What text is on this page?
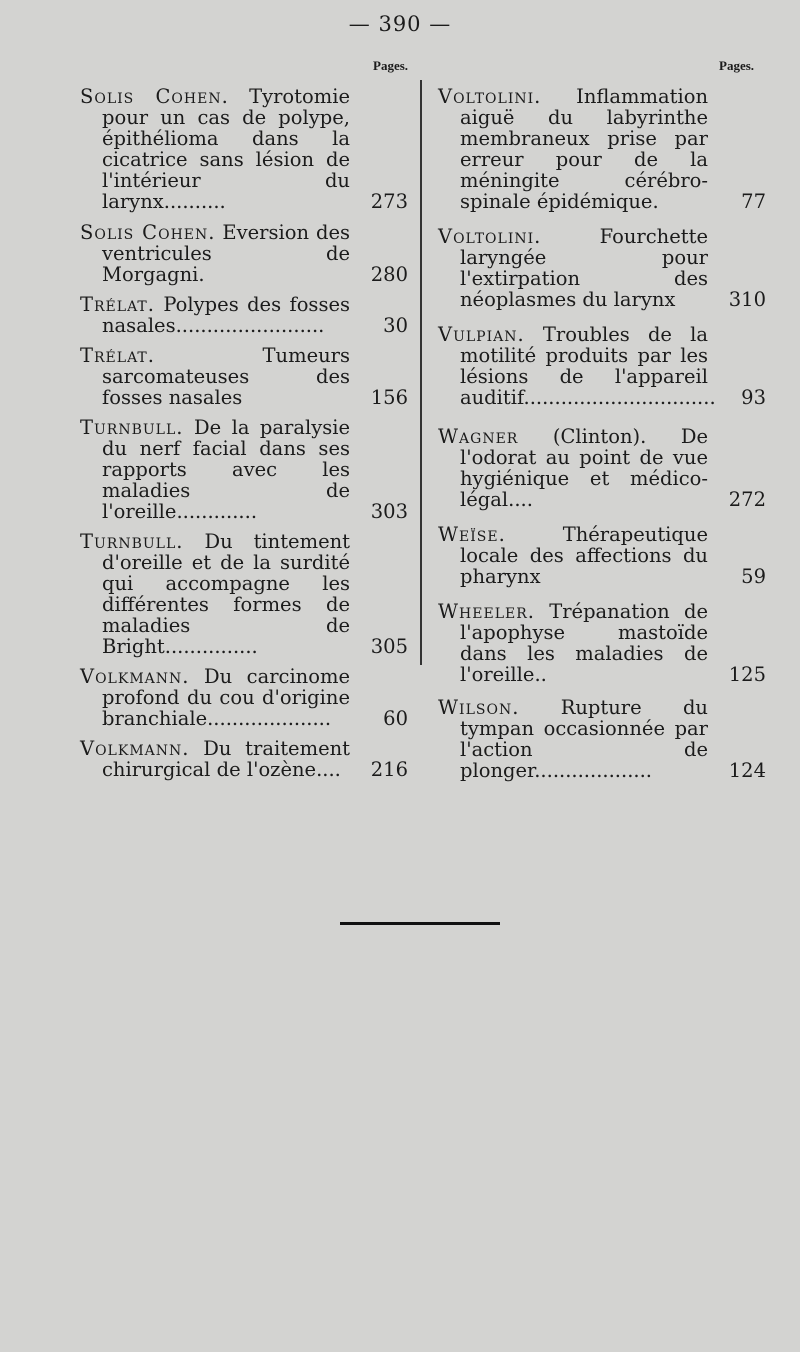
— 390 —
Pages.	Pages.
Solis Cohen. Tyrotomie pour un cas de polype, épithélioma dans la cicatrice sans lésion de l'intérieur du larynx..........	273
Solis Cohen. Eversion des ventricules de Morgagni.	280
Trélat. Polypes des fosses nasales........................	30
Trélat.	Tumeurs sarcomateuses des fosses nasales	156
Turnbull. De la paralysie du nerf facial dans ses rapports avec les maladies de l'oreille.............	303
Turnbull. Du tintement d'oreille et de la surdité qui accompagne les différentes formes de maladies de Bright...............	305
Volkmann. Du carcinome profond du cou d'origine branchiale....................	60
Volkmann. Du traitement chirurgical de l'ozène....	216
Voltolini. Inflammation aiguë du labyrinthe membraneux prise par erreur pour de la méningite cérébro-spinale épidémique.	77
Voltolini.	Fourchette laryngée pour l'extirpation des néoplasmes du larynx	310
Vulpian. Troubles de la motilité produits par les lésions de l'appareil auditif...............................	93
Wagner (Clinton). De l'odorat au point de vue hygiénique et médico-légal....	272
Weïse.	Thérapeutique locale des affections du pharynx	59
Wheeler. Trépanation de l'apophyse mastoïde dans les maladies de l'oreille..	125
Wilson. Rupture du tympan occasionnée par l'action de plonger...................	124
